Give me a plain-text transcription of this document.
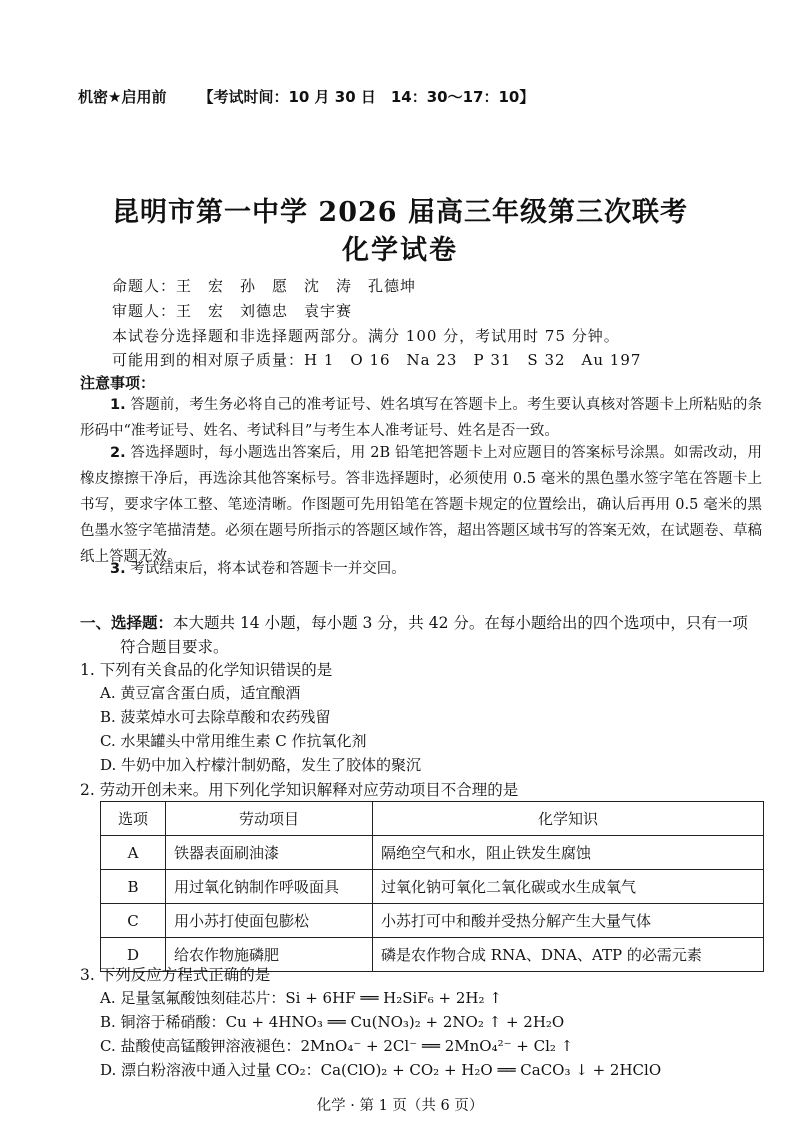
机密★启用前 【考试时间：10 月 30 日　14：30～17：10】
昆明市第一中学 2026 届高三年级第三次联考
化学试卷
命题人：王　宏　孙　愿　沈　涛　孔德坤
审题人：王　宏　刘德忠　袁宇赛
本试卷分选择题和非选择题两部分。满分 100 分，考试用时 75 分钟。
可能用到的相对原子质量：H 1　O 16　Na 23　P 31　S 32　Au 197
注意事项：
1. 答题前，考生务必将自己的准考证号、姓名填写在答题卡上。考生要认真核对答题卡上所粘贴的条形码中“准考证号、姓名、考试科目”与考生本人准考证号、姓名是否一致。
2. 答选择题时，每小题选出答案后，用 2B 铅笔把答题卡上对应题目的答案标号涂黑。如需改动，用橡皮擦擦干净后，再选涂其他答案标号。答非选择题时，必须使用 0.5 毫米的黑色墨水签字笔在答题卡上书写，要求字体工整、笔迹清晰。作图题可先用铅笔在答题卡规定的位置绘出，确认后再用 0.5 毫米的黑色墨水签字笔描清楚。必须在题号所指示的答题区域作答，超出答题区域书写的答案无效，在试题卷、草稿纸上答题无效。
3. 考试结束后，将本试卷和答题卡一并交回。
一、选择题：本大题共 14 小题，每小题 3 分，共 42 分。在每小题给出的四个选项中，只有一项
符合题目要求。
1. 下列有关食品的化学知识错误的是
A. 黄豆富含蛋白质，适宜酿酒
B. 菠菜焯水可去除草酸和农药残留
C. 水果罐头中常用维生素 C 作抗氧化剂
D. 牛奶中加入柠檬汁制奶酪，发生了胶体的聚沉
2. 劳动开创未来。用下列化学知识解释对应劳动项目不合理的是
选项	劳动项目	化学知识
A	铁器表面刷油漆	隔绝空气和水，阻止铁发生腐蚀
B	用过氧化钠制作呼吸面具	过氧化钠可氧化二氧化碳或水生成氧气
C	用小苏打使面包膨松	小苏打可中和酸并受热分解产生大量气体
D	给农作物施磷肥	磷是农作物合成 RNA、DNA、ATP 的必需元素
3. 下列反应方程式正确的是
A. 足量氢氟酸蚀刻硅芯片：Si + 6HF ══ H₂SiF₆ + 2H₂ ↑
B. 铜溶于稀硝酸：Cu + 4HNO₃ ══ Cu(NO₃)₂ + 2NO₂ ↑ + 2H₂O
C. 盐酸使高锰酸钾溶液褪色：2MnO₄⁻ + 2Cl⁻ ══ 2MnO₄²⁻ + Cl₂ ↑
D. 漂白粉溶液中通入过量 CO₂：Ca(ClO)₂ + CO₂ + H₂O ══ CaCO₃ ↓ + 2HClO
化学 · 第 1 页（共 6 页）
